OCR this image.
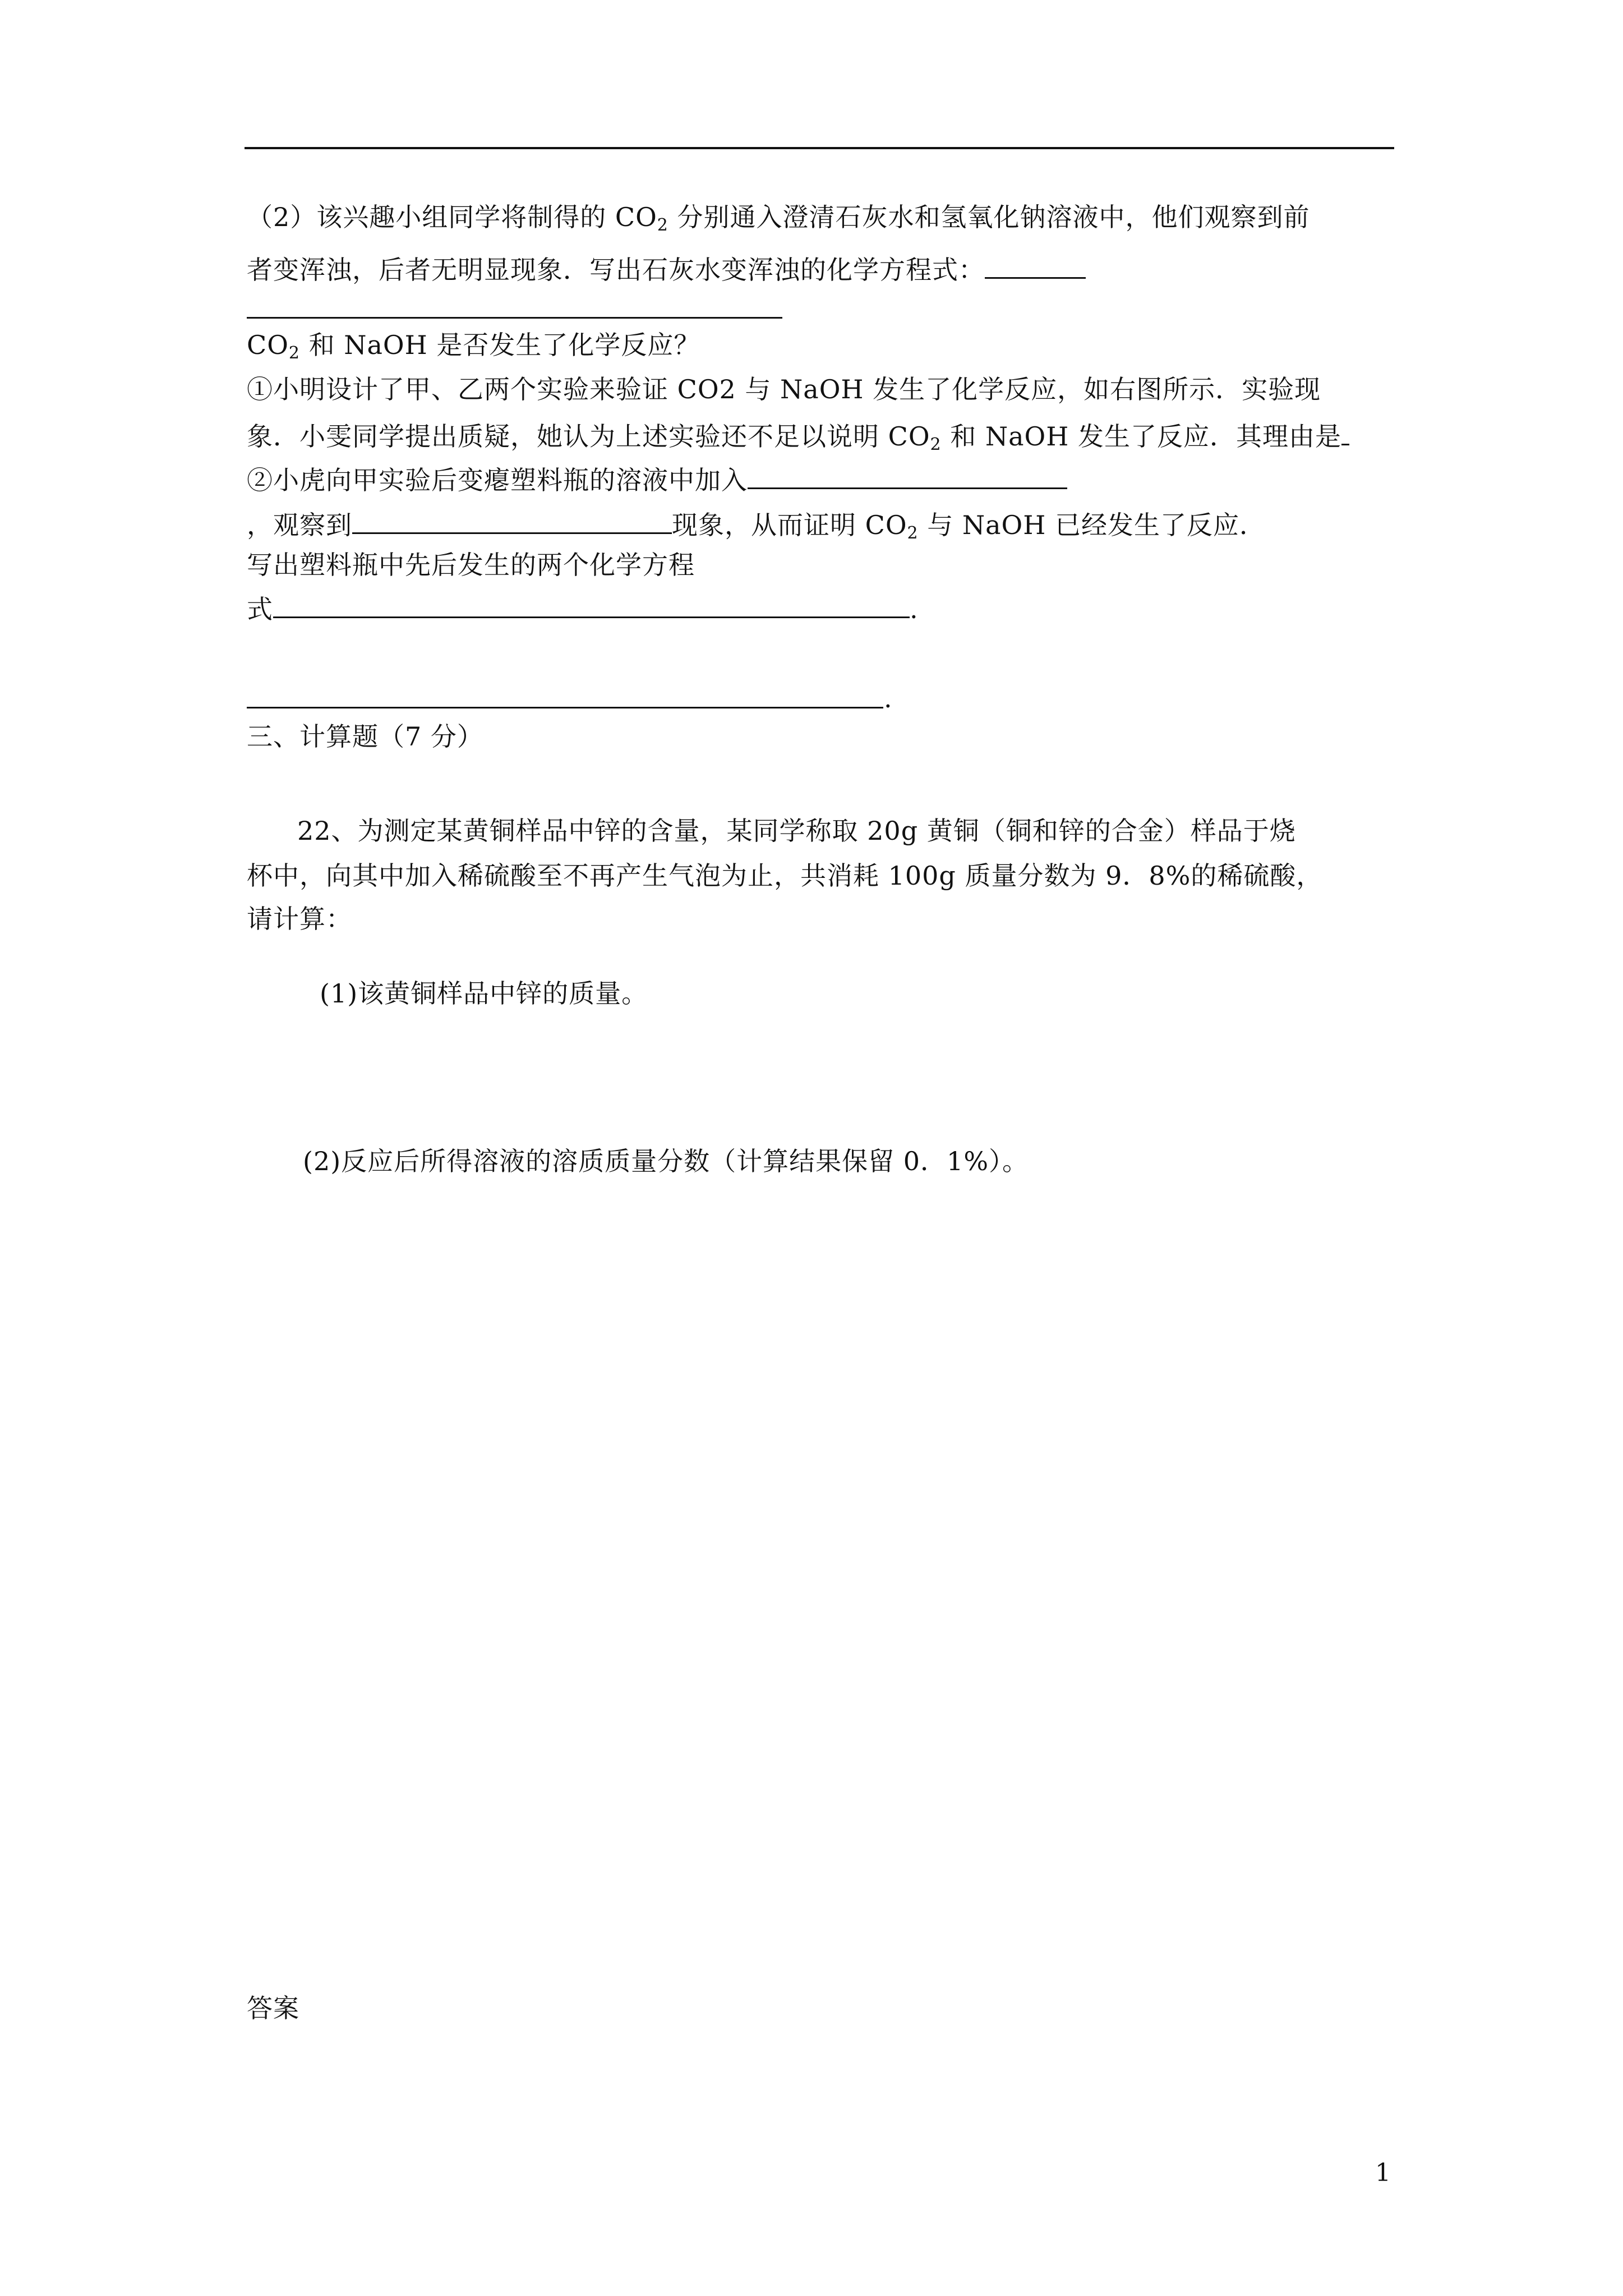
（2）该兴趣小组同学将制得的 $CO_2$ 分别通入澄清石灰水和氢氧化钠溶液中，他们观察到前
者变浑浊，后者无明显现象．写出石灰水变浑浊的化学方程式：
$CO_2$ 和 NaOH 是否发生了化学反应？
①小明设计了甲、乙两个实验来验证 CO2 与 NaOH 发生了化学反应，如右图所示．实验现
象．小雯同学提出质疑，她认为上述实验还不足以说明 $CO_2$ 和 NaOH 发生了反应．其理由是
②小虎向甲实验后变瘪塑料瓶的溶液中加入
，观察到	现象，从而证明 $CO_2$ 与 NaOH 已经发生了反应．
写出塑料瓶中先后发生的两个化学方程
式	.
.
三、计算题（7 分）
22、为测定某黄铜样品中锌的含量，某同学称取 20g 黄铜（铜和锌的合金）样品于烧
杯中，向其中加入稀硫酸至不再产生气泡为止，共消耗 100g 质量分数为 9．8%的稀硫酸，
请计算：
(1)该黄铜样品中锌的质量。
(2)反应后所得溶液的溶质质量分数（计算结果保留 0．1%）。
答案
1
